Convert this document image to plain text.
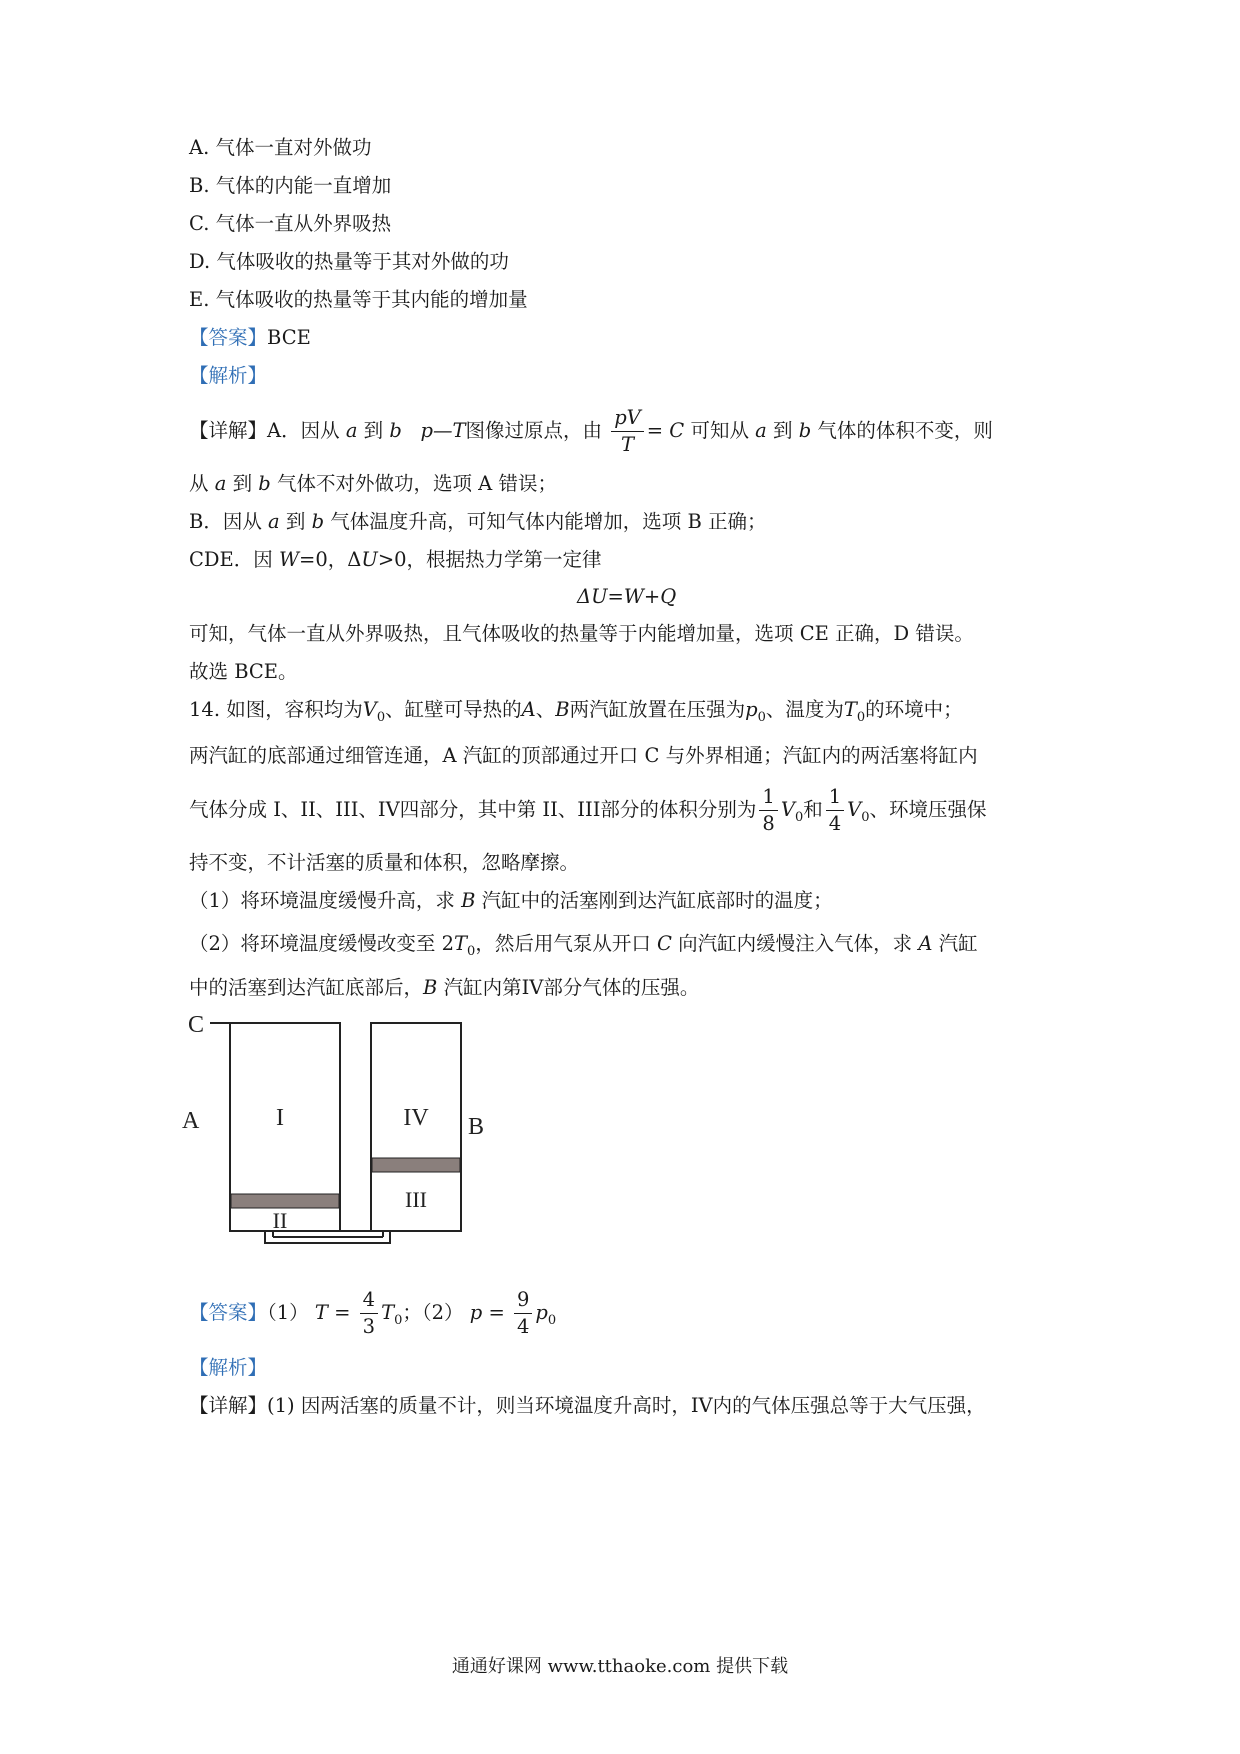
A. 气体一直对外做功
B. 气体的内能一直增加
C. 气体一直从外界吸热
D. 气体吸收的热量等于其对外做的功
E. 气体吸收的热量等于其内能的增加量
【答案】BCE
【解析】
【详解】A．因从 a 到 b p—T图像过原点，由 $\frac{pV}{T} = C$ 可知从 a 到 b 气体的体积不变，则
从 a 到 b 气体不对外做功，选项 A 错误；
B．因从 a 到 b 气体温度升高，可知气体内能增加，选项 B 正确；
CDE．因 W=0，ΔU>0，根据热力学第一定律
ΔU=W+Q
可知，气体一直从外界吸热，且气体吸收的热量等于内能增加量，选项 CE 正确，D 错误。
故选 BCE。
14. 如图，容积均为$V_0$、缸壁可导热的A、B两汽缸放置在压强为$p_0$、温度为$T_0$的环境中；
两汽缸的底部通过细管连通，A 汽缸的顶部通过开口 C 与外界相通；汽缸内的两活塞将缸内
气体分成 I、II、III、IV四部分，其中第 II、III部分的体积分别为 $\frac{1}{8} V_0$和 $\frac{1}{4} V_0$、环境压强保
持不变，不计活塞的质量和体积，忽略摩擦。
（1）将环境温度缓慢升高，求 B 汽缸中的活塞刚到达汽缸底部时的温度；
（2）将环境温度缓慢改变至 $2T_0$，然后用气泵从开口 C 向汽缸内缓慢注入气体，求 A 汽缸
中的活塞到达汽缸底部后，B 汽缸内第IV部分气体的压强。
C
A	B
I
II
III
IV
【答案】（1） $T = \frac{4}{3} T_0$；（2） $p = \frac{9}{4} p_0$
【解析】
【详解】(1) 因两活塞的质量不计，则当环境温度升高时，IV内的气体压强总等于大气压强，
通通好课网 www.tthaoke.com 提供下载
